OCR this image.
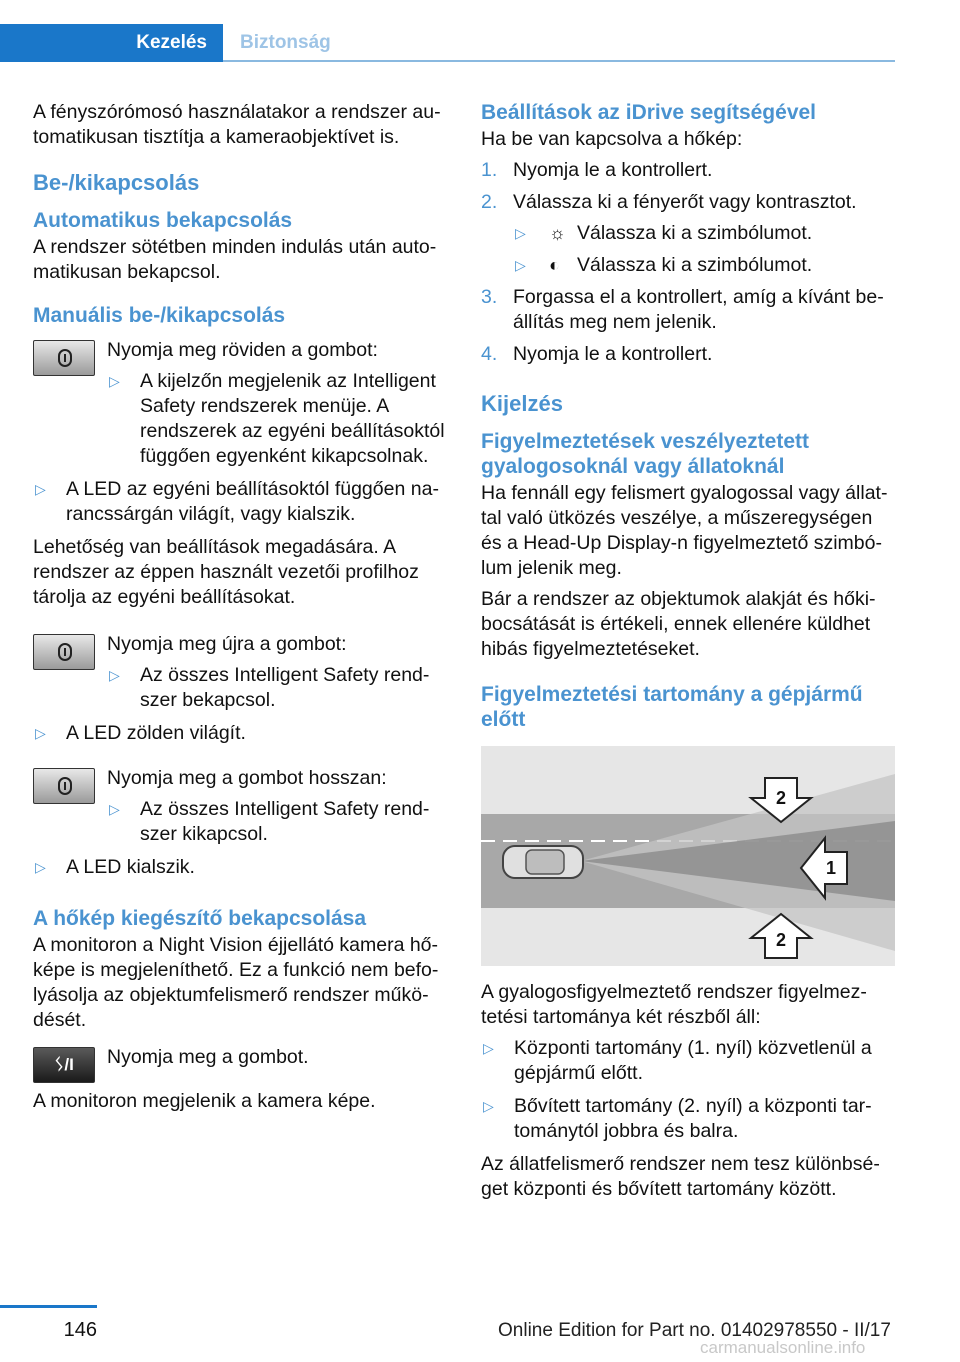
Kezelés	Biztonság

A fényszórómosó használatakor a rendszer automatikusan tisztítja a kameraobjektívet is.

Be-/kikapcsolás
Automatikus bekapcsolás

A rendszer sötétben minden indulás után automatikusan bekapcsol.

Manuális be-/kikapcsolás

Nyomja meg röviden a gombot:

▷ A kijelzőn megjelenik az Intelligent Safety rendszerek menüje. A rendszerek az egyéni beállításoktól függően egyenként kikapcsolnak.
▷ A LED az egyéni beállításoktól függően narancssárgán világít, vagy kialszik.

Lehetőség van beállítások megadására. A rendszer az éppen használt vezetői profilhoz tárolja az egyéni beállításokat.

Nyomja meg újra a gombot:

▷ Az összes Intelligent Safety rendszer bekapcsol.
▷ A LED zölden világít.

Nyomja meg a gombot hosszan:

▷ Az összes Intelligent Safety rendszer kikapcsol.
▷ A LED kialszik.
A hőkép kiegészítő bekapcsolása

A monitoron a Night Vision éjjellátó kamera hőképe is megjeleníthető. Ez a funkció nem befolyásolja az objektumfelismerő rendszer működését.

ᛊ/I	Nyomja meg a gombot.

A monitoron megjelenik a kamera képe.

Beállítások az iDrive segítségével

Ha be van kapcsolva a hőkép:

1. Nyomja le a kontrollert.
2. Válassza ki a fényerőt vagy kontrasztot.
▷ ☼ Válassza ki a szimbólumot.
▷ ◐ Válassza ki a szimbólumot.
3. Forgassa el a kontrollert, amíg a kívánt beállítás meg nem jelenik.
4. Nyomja le a kontrollert.
Kijelzés
Figyelmeztetések veszélyeztetett gyalogosoknál vagy állatoknál

Ha fennáll egy felismert gyalogossal vagy állattal való ütközés veszélye, a műszeregységen és a Head-Up Display-n figyelmeztető szimbólum jelenik meg.

Bár a rendszer az objektumok alakját és hőkibocsátását is értékeli, ennek ellenére küldhet hibás figyelmeztetéseket.

Figyelmeztetési tartomány a gépjármű előtt
2
1
2

A gyalogosfigyelmeztető rendszer figyelmeztetési tartománya két részből áll:

▷ Központi tartomány (1. nyíl) közvetlenül a gépjármű előtt.
▷ Bővített tartomány (2. nyíl) a központi tartománytól jobbra és balra.

Az állatfelismerő rendszer nem tesz különbséget központi és bővített tartomány között.

146	Online Edition for Part no. 01402978550 - II/17
carmanualsonline.info
